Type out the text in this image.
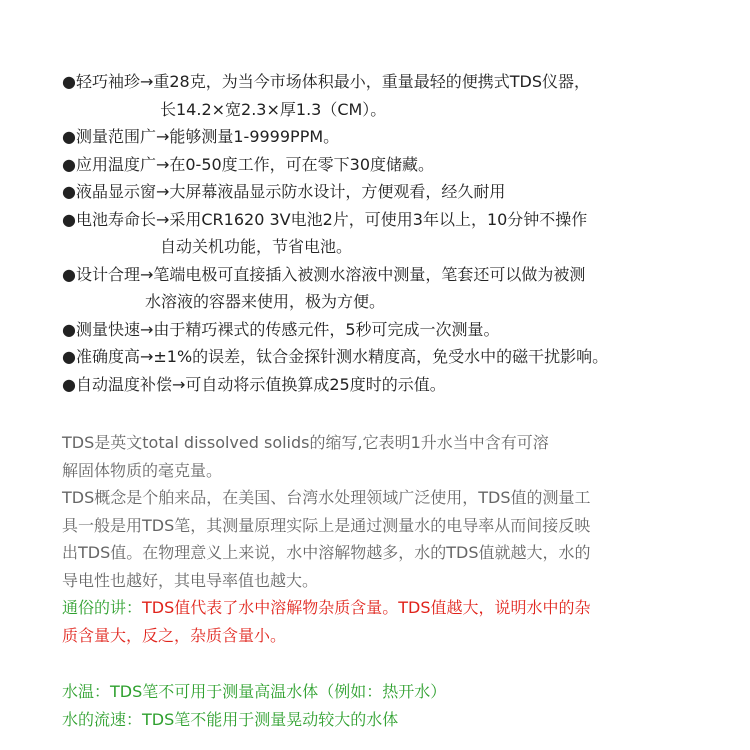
●轻巧袖珍→重28克，为当今市场体积最小，重量最轻的便携式TDS仪器，
长14.2×宽2.3×厚1.3（CM）。
●测量范围广→能够测量1-9999PPM。
●应用温度广→在0-50度工作，可在零下30度储藏。
●液晶显示窗→大屏幕液晶显示防水设计，方便观看，经久耐用
●电池寿命长→采用CR1620 3V电池2片，可使用3年以上，10分钟不操作
自动关机功能，节省电池。
●设计合理→笔端电极可直接插入被测水溶液中测量，笔套还可以做为被测
水溶液的容器来使用，极为方便。
●测量快速→由于精巧裸式的传感元件，5秒可完成一次测量。
●准确度高→±1%的误差，钛合金探针测水精度高，免受水中的磁干扰影响。
●自动温度补偿→可自动将示值换算成25度时的示值。
TDS是英文total dissolved solids的缩写,它表明1升水当中含有可溶
解固体物质的毫克量。
TDS概念是个舶来品，在美国、台湾水处理领域广泛使用，TDS值的测量工
具一般是用TDS笔，其测量原理实际上是通过测量水的电导率从而间接反映
出TDS值。在物理意义上来说，水中溶解物越多，水的TDS值就越大，水的
导电性也越好，其电导率值也越大。
通俗的讲：TDS值代表了水中溶解物杂质含量。TDS值越大，说明水中的杂
质含量大，反之，杂质含量小。
水温：TDS笔不可用于测量高温水体（例如：热开水）
水的流速：TDS笔不能用于测量晃动较大的水体
